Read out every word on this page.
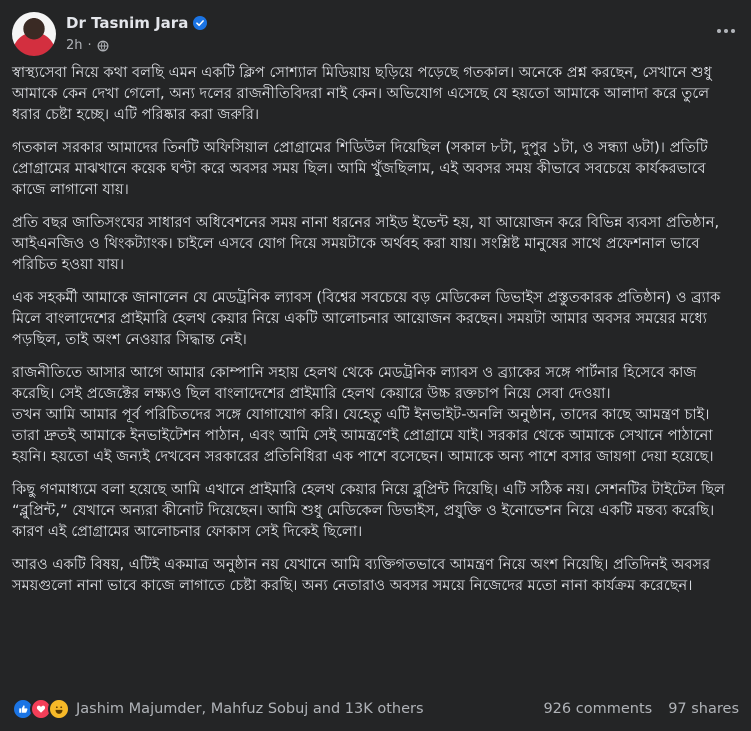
Dr Tasnim Jara
2h ·

স্বাস্থ্যসেবা নিয়ে কথা বলছি এমন একটি ক্লিপ সোশ্যাল মিডিয়ায় ছড়িয়ে পড়েছে গতকাল। অনেকে প্রশ্ন করছেন, সেখানে শুধু আমাকে কেন দেখা গেলো, অন্য দলের রাজনীতিবিদরা নাই কেন। অভিযোগ এসেছে যে হয়তো আমাকে আলাদা করে তুলে ধরার চেষ্টা হচ্ছে। এটি পরিষ্কার করা জরুরি।

গতকাল সরকার আমাদের তিনটি অফিসিয়াল প্রোগ্রামের শিডিউল দিয়েছিল (সকাল ৮টা, দুপুর ১টা, ও সন্ধ্যা ৬টা)। প্রতিটি প্রোগ্রামের মাঝখানে কয়েক ঘণ্টা করে অবসর সময় ছিল। আমি খুঁজছিলাম, এই অবসর সময় কীভাবে সবচেয়ে কার্যকরভাবে কাজে লাগানো যায়।

প্রতি বছর জাতিসংঘের সাধারণ অধিবেশনের সময় নানা ধরনের সাইড ইভেন্ট হয়, যা আয়োজন করে বিভিন্ন ব্যবসা প্রতিষ্ঠান, আইএনজিও ও থিংকট্যাংক। চাইলে এসবে যোগ দিয়ে সময়টাকে অর্থবহ করা যায়। সংশ্লিষ্ট মানুষের সাথে প্রফেশনাল ভাবে পরিচিত হওয়া যায়।

এক সহকর্মী আমাকে জানালেন যে মেডট্রনিক ল্যাবস (বিশ্বের সবচেয়ে বড় মেডিকেল ডিভাইস প্রস্তুতকারক প্রতিষ্ঠান) ও ব্র্যাক মিলে বাংলাদেশের প্রাইমারি হেলথ কেয়ার নিয়ে একটি আলোচনার আয়োজন করছেন। সময়টা আমার অবসর সময়ের মধ্যে পড়ছিল, তাই অংশ নেওয়ার সিদ্ধান্ত নেই।

রাজনীতিতে আসার আগে আমার কোম্পানি সহায় হেলথ থেকে মেডট্রনিক ল্যাবস ও ব্র্যাকের সঙ্গে পার্টনার হিসেবে কাজ করেছি। সেই প্রজেক্টের লক্ষ্যও ছিল বাংলাদেশের প্রাইমারি হেলথ কেয়ারে উচ্চ রক্তচাপ নিয়ে সেবা দেওয়া।

তখন আমি আমার পূর্ব পরিচিতদের সঙ্গে যোগাযোগ করি। যেহেতু এটি ইনভাইট-অনলি অনুষ্ঠান, তাদের কাছে আমন্ত্রণ চাই। তারা দ্রুতই আমাকে ইনভাইটেশন পাঠান, এবং আমি সেই আমন্ত্রণেই প্রোগ্রামে যাই। সরকার থেকে আমাকে সেখানে পাঠানো হয়নি। হয়তো এই জন্যই দেখবেন সরকারের প্রতিনিধিরা এক পাশে বসেছেন। আমাকে অন্য পাশে বসার জায়গা দেয়া হয়েছে।

কিছু গণমাধ্যমে বলা হয়েছে আমি এখানে প্রাইমারি হেলথ কেয়ার নিয়ে ব্লুপ্রিন্ট দিয়েছি। এটি সঠিক নয়। সেশনটির টাইটেল ছিল “ব্লুপ্রিন্ট,” যেখানে অন্যরা কীনোট দিয়েছেন। আমি শুধু মেডিকেল ডিভাইস, প্রযুক্তি ও ইনোভেশন নিয়ে একটি মন্তব্য করেছি। কারণ এই প্রোগ্রামের আলোচনার ফোকাস সেই দিকেই ছিলো।

আরও একটি বিষয়, এটিই একমাত্র অনুষ্ঠান নয় যেখানে আমি ব্যক্তিগতভাবে আমন্ত্রণ নিয়ে অংশ নিয়েছি। প্রতিদিনই অবসর সময়গুলো নানা ভাবে কাজে লাগাতে চেষ্টা করছি। অন্য নেতারাও অবসর সময়ে নিজেদের মতো নানা কার্যক্রম করেছেন।

Jashim Majumder, Mahfuz Sobuj and 13K others	926 comments 97 shares
